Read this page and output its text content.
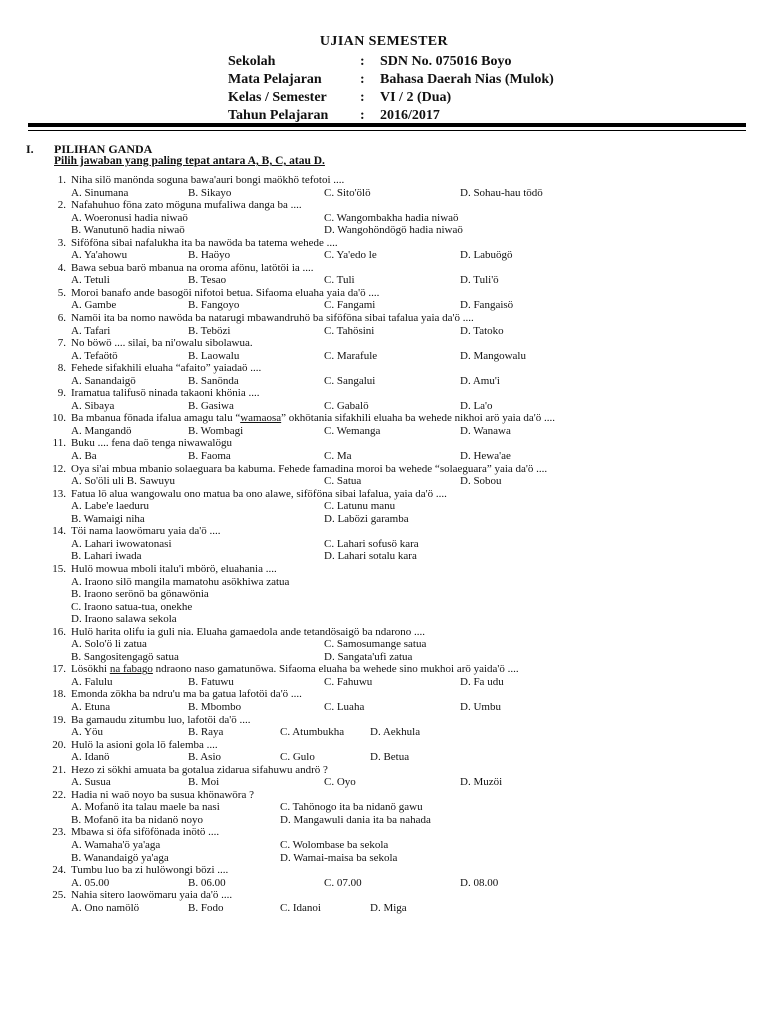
UJIAN SEMESTER
Sekolah	: SDN No. 075016 Boyo
Mata Pelajaran	: Bahasa Daerah Nias (Mulok)
Kelas / Semester : VI / 2 (Dua)
Tahun Pelajaran : 2016/2017
I. PILIHAN GANDA
Pilih jawaban yang paling tepat antara A, B, C, atau D.
1. Niha silö manönda soguna bawa'auri bongi maökhö tefotoi ....
A. Sinumana	B. Sikayo	C. Sito'ölö	D. Sohau-hau tödö
2. Nafahuhuo föna zato möguna mufaliwa danga ba ....
A. Woeronusi hadia niwaö	C. Wangombakha hadia niwaö
B. Wanutunö hadia niwaö	D. Wangohöndögö hadia niwaö
3. Siföföna sibai nafalukha ita ba nawöda ba tatema wehede ....
A. Ya'ahowu	B. Haöyo	C. Ya'edo le	D. Labuögö
4. Bawa sebua barö mbanua na oroma afönu, latötöi ia ....
A. Tetuli	B. Tesao	C. Tuli	D. Tuli'ö
5. Moroi banafo ande basogöi nifotoi betua. Sifaoma eluaha yaia da'ö ....
A. Gambe	B. Fangoyo	C. Fangami	D. Fangaisö
6. Namöi ita ba nomo nawöda ba natarugi mbawandruhö ba siföföna sibai tafalua yaia da'ö ....
A. Tafari	B. Tebözi	C. Tahösini	D. Tatoko
7. No böwö .... silai, ba ni'owalu sibolawua.
A. Tefaötö	B. Laowalu	C. Marafule	D. Mangowalu
8. Fehede sifakhili eluaha “afaito” yaiadaö ....
A. Sanandaigö	B. Sanönda	C. Sangalui	D. Amu'i
9. Iramatua talifusö ninada takaoni khönia ....
A. Sibaya	B. Gasiwa	C. Gabalö	D. La'o
10. Ba mbanua fönada ifalua amagu talu “wamaosa” okhötania sifakhili eluaha ba wehede nikhoi arö yaia da'ö ....
A. Mangandö	B. Wombagi	C. Wemanga	D. Wanawa
11. Buku .... fena daö tenga niwawalögu
A. Ba	B. Faoma	C. Ma	D. Hewa'ae
12. Oya si'ai mbua mbanio solaeguara ba kabuma. Fehede famadina moroi ba wehede “solaeguara” yaia da'ö ....
A. So'öli uli B. Sawuyu	C. Satua	D. Sobou
13. Fatua lö alua wangowalu ono matua ba ono alawe, siföföna sibai lafalua, yaia da'ö ....
A. Labe'e laeduru	C. Latunu manu
B. Wamaigi niha	D. Labözi garamba
14. Töi nama laowömaru yaia da'ö ....
A. Lahari iwowatonasi	C. Lahari sofusö kara
B. Lahari iwada	D. Lahari sotalu kara
15. Hulö mowua mboli italu'i mbörö, eluahania ....
A. Iraono silö mangila mamatohu asökhiwa zatua
B. Iraono serönö ba gönawönia
C. Iraono satua-tua, onekhe
D. Iraono salawa sekola
16. Hulö harita olifu ia guli nia. Eluaha gamaedola ande tetandösaigö ba ndarono ....
A. Solo'ö li zatua	C. Samosumange satua
B. Sangositengagö satua	D. Sangata'ufi zatua
17. Lösökhi na fabago ndraono naso gamatunöwa. Sifaoma eluaha ba wehede sino mukhoi arö yaida'ö ....
A. Falulu	B. Fatuwu	C. Fahuwu	D. Fa udu
18. Emonda zökha ba ndru'u ma ba gatua lafotöi da'ö ....
A. Etuna	B. Mbombo	C. Luaha	D. Umbu
19. Ba gamaudu zitumbu luo, lafotöi da'ö ....
A. Yöu	B. Raya	C. Atumbukha D. Aekhula
20. Hulö la asioni gola lö falemba ....
A. Idanö	B. Asio	C. Gulo	D. Betua
21. Hezo zi sökhi amuata ba gotalua zidarua sifahuwu andrö ?
A. Susua	B. Moi	C. Oyo	D. Muzöi
22. Hadia ni waö noyo ba susua khönawöra ?
A. Mofanö ita talau maele ba nasi	C. Tahönogo ita ba nidanö gawu
B. Mofanö ita ba nidanö noyo	D. Mangawuli dania ita ba nahada
23. Mbawa si öfa siföfönada inötö ....
A. Wamaha'ö ya'aga	C. Wolombase ba sekola
B. Wanandaigö ya'aga	D. Wamai-maisa ba sekola
24. Tumbu luo ba zi hulöwongi bözi ....
A. 05.00	B. 06.00	C. 07.00	D. 08.00
25. Nahia sitero laowömaru yaia da'ö ....
A. Ono namölö	B. Fodo	C. Idanoi	D. Miga
